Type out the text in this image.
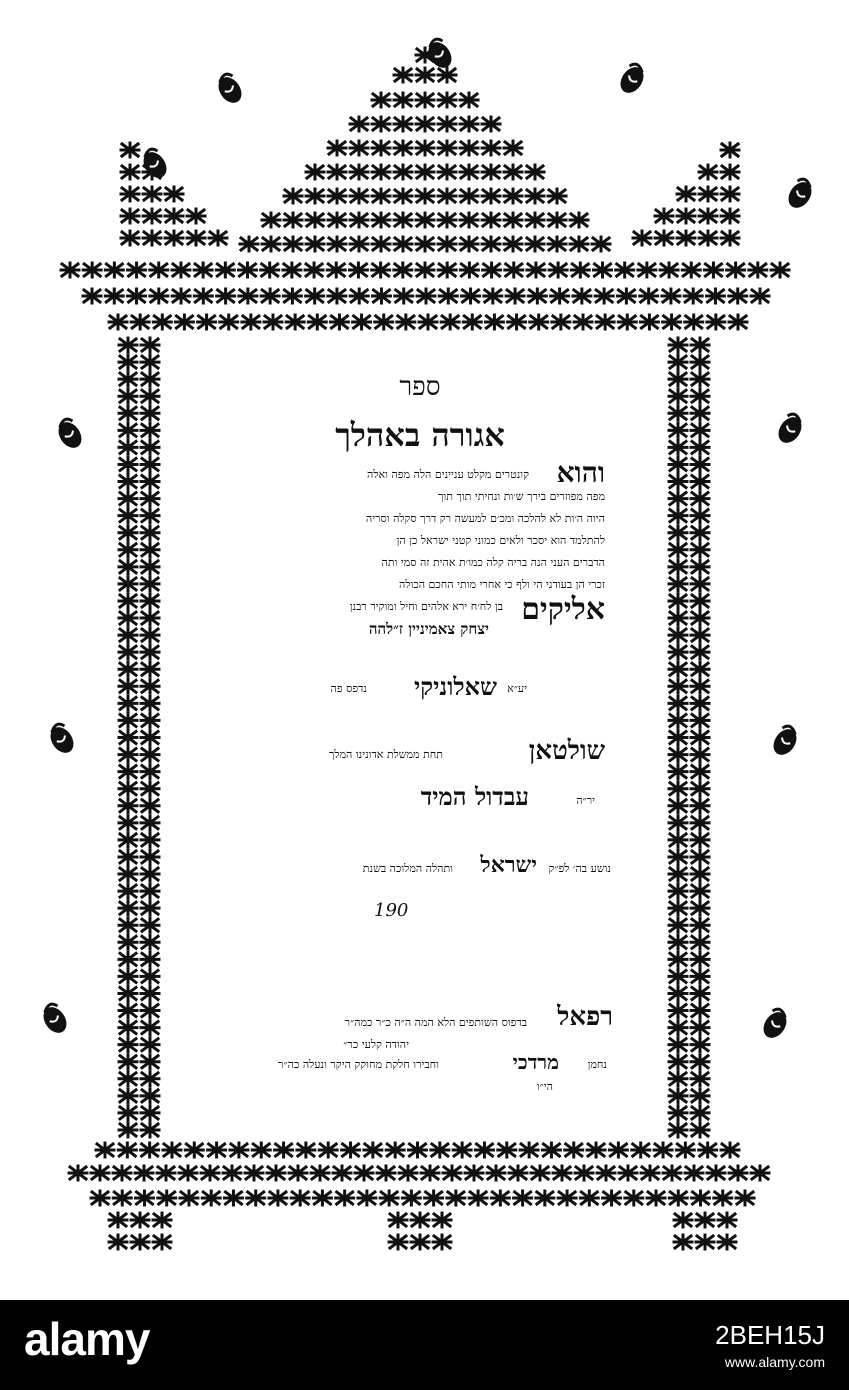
ספר
אגורה באהלך
והוא
קונטרים מקלט עניינים הלה מפה ואלה
מפה מפוזרים בירך ש׳ות ונחיתי תוך תוך
היוה ה׳ות לא להלכה ומכ׳ם למעשה רק דרך סקלה וסריה
להתלמד הוא יסכר ולאים כמוני קטני ישראל כן הן
הדברים העני הנה בריה קלה כמו׳ת אהית זה סמי ותה
זכרי הן בעודני הי ולף כי אחרי מותי החכם הכולה
אליקים
בן לח׳ח ירא אלהים וחיל ומוקיר רבנן
יצחק צאמיניין ז״להה
נדפס פה שאלוניקי יע״א
תחת ממשלת אדונינו המלך	שולטאן
עבדול המיד	יר״ה
ותהלה המלוכה בשנת ישראל נושע בה׳ לפ״ק
190
בדפוס השותפים הלא המה ה״ה כ״ר כמה״ר רפאל
יהודה קלעי כר״
וחבירו חלקת מחוקק היקר ונעלה כה״ר	מרדכי	נחמן
הי״ו
alamy	2BEH15J
www.alamy.com
